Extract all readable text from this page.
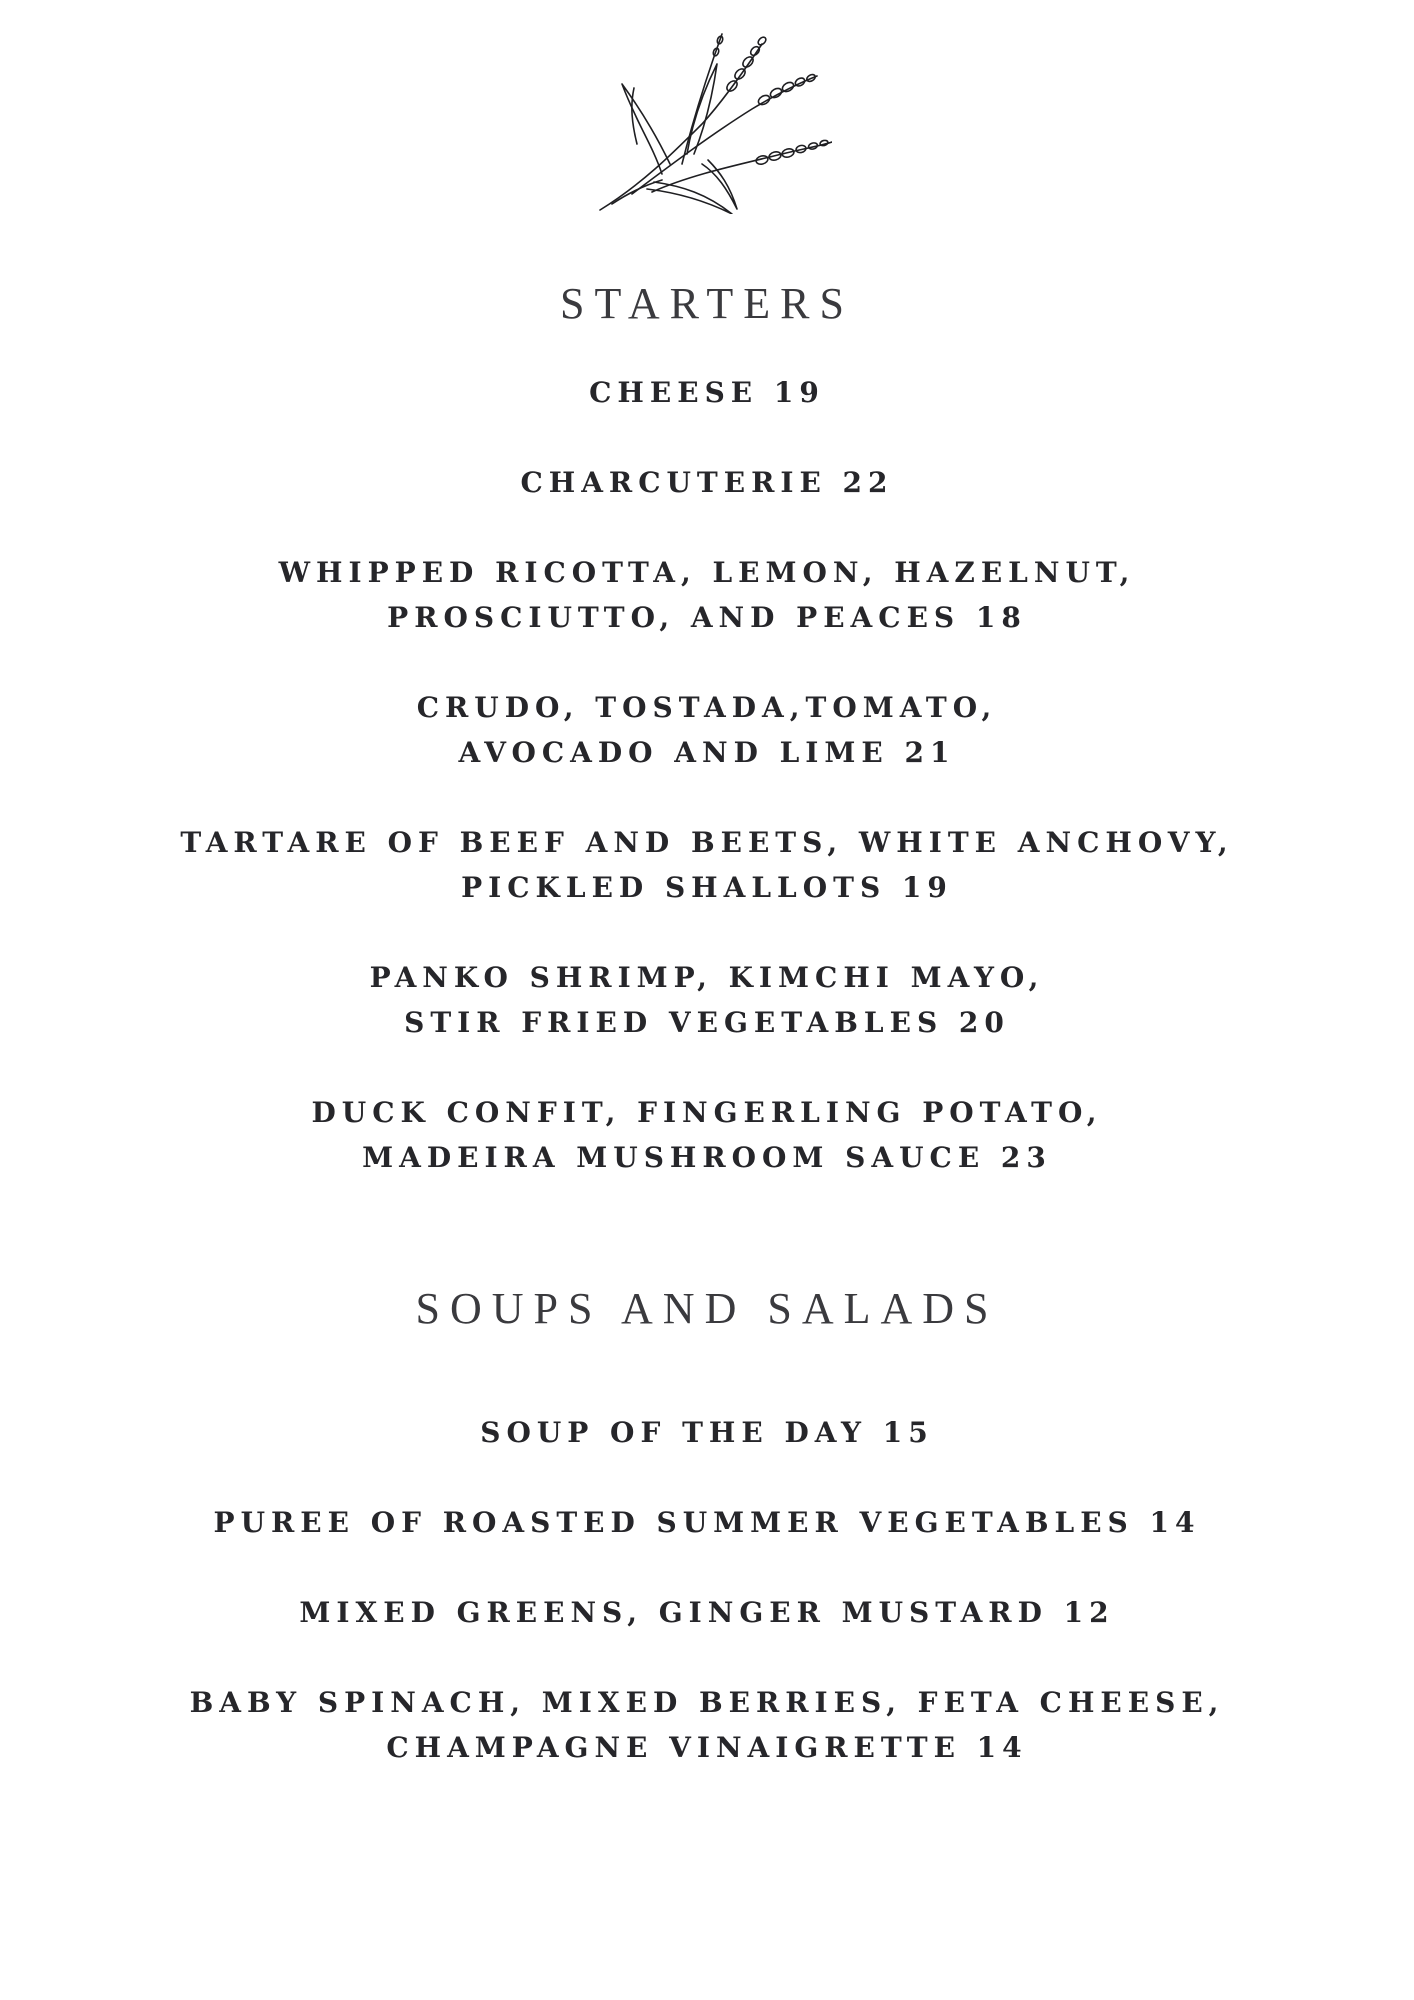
STARTERS

CHEESE 19

CHARCUTERIE 22

WHIPPED RICOTTA, LEMON, HAZELNUT,
PROSCIUTTO, AND PEACES 18

CRUDO, TOSTADA,TOMATO,
AVOCADO AND LIME 21

TARTARE OF BEEF AND BEETS, WHITE ANCHOVY,
PICKLED SHALLOTS 19

PANKO SHRIMP, KIMCHI MAYO,
STIR FRIED VEGETABLES 20

DUCK CONFIT, FINGERLING POTATO,
MADEIRA MUSHROOM SAUCE 23

SOUPS AND SALADS

SOUP OF THE DAY 15

PUREE OF ROASTED SUMMER VEGETABLES 14

MIXED GREENS, GINGER MUSTARD 12

BABY SPINACH, MIXED BERRIES, FETA CHEESE,
CHAMPAGNE VINAIGRETTE 14
